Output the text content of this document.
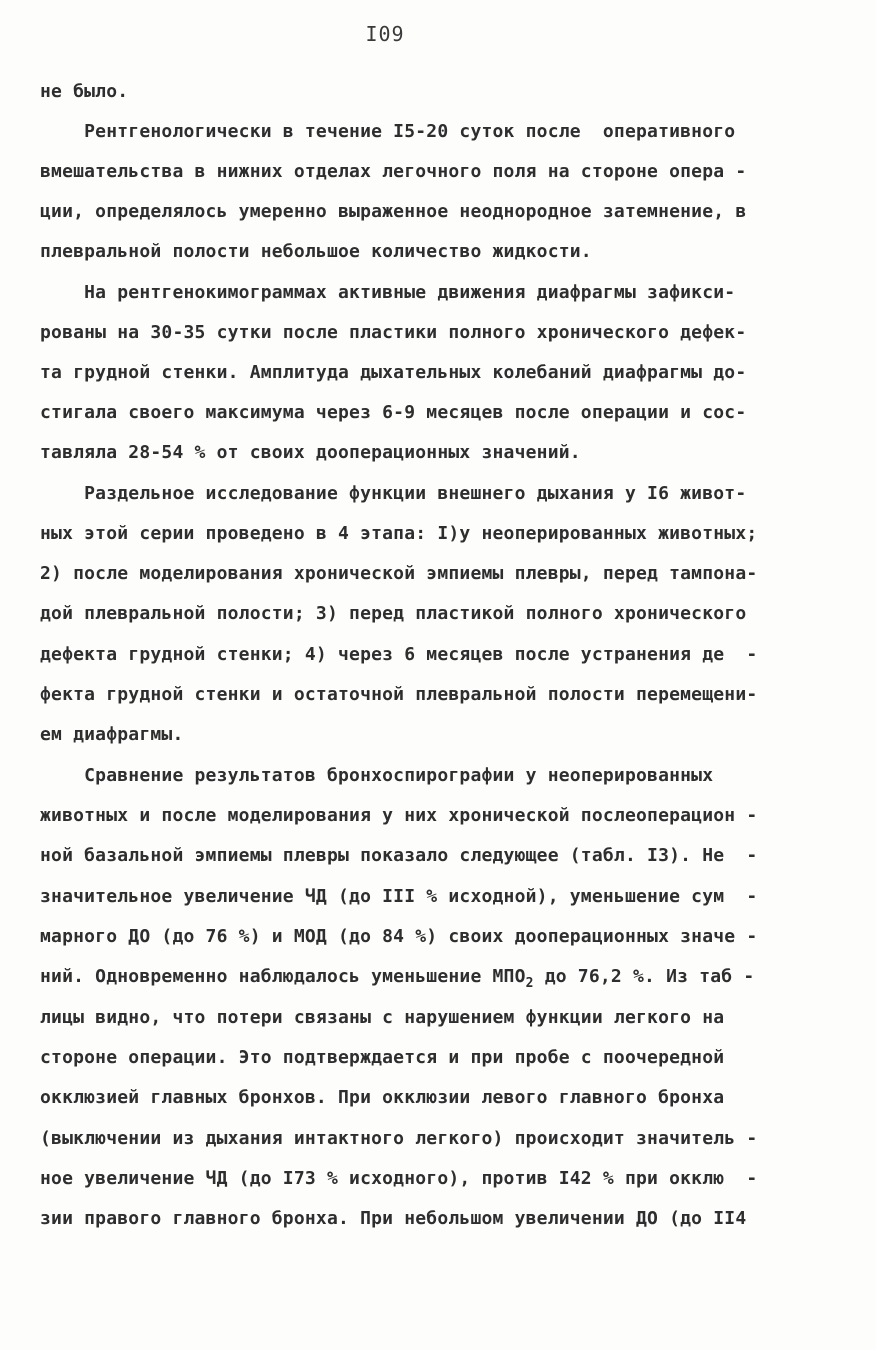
I09
не было.
Рентгенологически в течение I5-20 суток после  оперативного
вмешательства в нижних отделах легочного поля на стороне опера -
ции, определялось умеренно выраженное неоднородное затемнение, в
плевральной полости небольшое количество жидкости.
На рентгенокимограммах активные движения диафрагмы зафикси-
рованы на 30-35 сутки после пластики полного хронического дефек-
та грудной стенки. Амплитуда дыхательных колебаний диафрагмы до-
стигала своего максимума через 6-9 месяцев после операции и сос-
тавляла 28-54 % от своих дооперационных значений.
Раздельное исследование функции внешнего дыхания у I6 живот-
ных этой серии проведено в 4 этапа: I)у неоперированных животных;
2) после моделирования хронической эмпиемы плевры, перед тампона-
дой плевральной полости; 3) перед пластикой полного хронического
дефекта грудной стенки; 4) через 6 месяцев после устранения де  -
фекта грудной стенки и остаточной плевральной полости перемещени-
ем диафрагмы.
Сравнение результатов бронхоспирографии у неоперированных
животных и после моделирования у них хронической послеоперацион -
ной базальной эмпиемы плевры показало следующее (табл. I3). Не  -
значительное увеличение ЧД (до III % исходной), уменьшение сум  -
марного ДО (до 76 %) и МОД (до 84 %) своих дооперационных значе -
ний. Одновременно наблюдалось уменьшение $МПО_2$ до 76,2 %. Из таб -
лицы видно, что потери связаны с нарушением функции легкого на
стороне операции. Это подтверждается и при пробе с поочередной
окклюзией главных бронхов. При окклюзии левого главного бронха
(выключении из дыхания интактного легкого) происходит значитель -
ное увеличение ЧД (до I73 % исходного), против I42 % при окклю  -
зии правого главного бронха. При небольшом увеличении ДО (до II4
